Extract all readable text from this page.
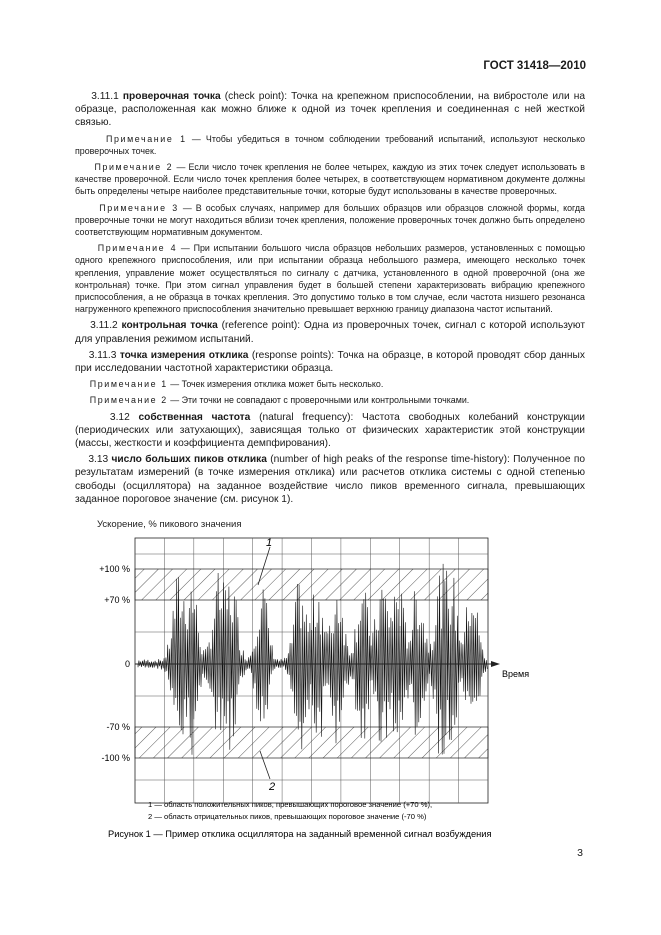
ГОСТ 31418—2010

3.11.1 проверочная точка (check point): Точка на крепежном приспособлении, на вибростоле или на образце, расположенная как можно ближе к одной из точек крепления и соединенная с ней жесткой связью.

Примечание 1 — Чтобы убедиться в точном соблюдении требований испытаний, используют несколько проверочных точек.

Примечание 2 — Если число точек крепления не более четырех, каждую из этих точек следует использовать в качестве проверочной. Если число точек крепления более четырех, в соответствующем нормативном документе должны быть определены четыре наиболее представительные точки, которые будут использованы в качестве проверочных.

Примечание 3 — В особых случаях, например для больших образцов или образцов сложной формы, когда проверочные точки не могут находиться вблизи точек крепления, положение проверочных точек должно быть определено соответствующим нормативным документом.

Примечание 4 — При испытании большого числа образцов небольших размеров, установленных с помощью одного крепежного приспособления, или при испытании образца небольшого размера, имеющего несколько точек крепления, управление может осуществляться по сигналу с датчика, установленного в одной проверочной (она же контрольная) точке. При этом сигнал управления будет в большей степени характеризовать вибрацию крепежного приспособления, а не образца в точках крепления. Это допустимо только в том случае, если частота низшего резонанса нагруженного крепежного приспособления значительно превышает верхнюю границу диапазона частот испытаний.

3.11.2 контрольная точка (reference point): Одна из проверочных точек, сигнал с которой используют для управления режимом испытаний.

3.11.3 точка измерения отклика (response points): Точка на образце, в которой проводят сбор данных при исследовании частотной характеристики образца.

Примечание 1 — Точек измерения отклика может быть несколько.

Примечание 2 — Эти точки не совпадают с проверочными или контрольными точками.

3.12 собственная частота (natural frequency): Частота свободных колебаний конструкции (периодических или затухающих), зависящая только от физических характеристик этой конструкции (массы, жесткости и коэффициента демпфирования).

3.13 число больших пиков отклика (number of high peaks of the response time-history): Полученное по результатам измерений (в точке измерения отклика) или расчетов отклика системы с одной степенью свободы (осциллятора) на заданное воздействие число пиков временного сигнала, превышающих заданное пороговое значение (см. рисунок 1).

Ускорение, % пикового значения
+100 %
+70 %
0
-70 %
-100 %
Время
1
2
1 — область положительных пиков, превышающих пороговое значение (+70 %),
2 — область отрицательных пиков, превышающих пороговое значение (-70 %)
Рисунок 1 — Пример отклика осциллятора на заданный временной сигнал возбуждения
3
